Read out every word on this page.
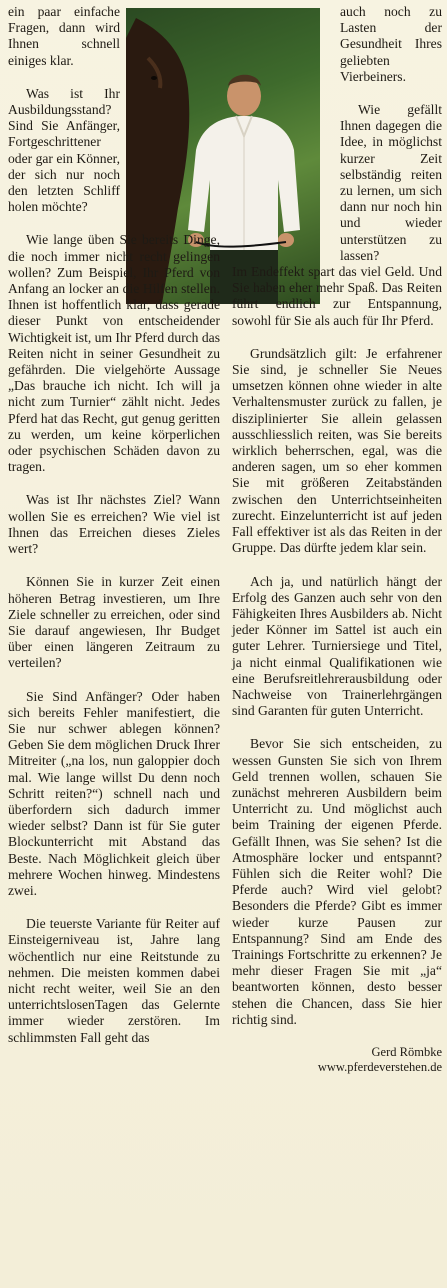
ein paar einfache Fragen, dann wird Ihnen schnell einiges klar.

Was ist Ihr Ausbildungsstand? Sind Sie Anfänger, Fortgeschrittener oder gar ein Könner, der sich nur noch den letzten Schliff holen möchte?

Wie lange üben Sie bereits Dinge, die noch immer nicht recht gelingen wollen? Zum Beispiel, Ihr Pferd von Anfang an locker an die Hilfen stellen. Ihnen ist hoffentlich klar, dass gerade dieser Punkt von entscheidender Wichtigkeit ist, um Ihr Pferd durch das Reiten nicht in seiner Gesundheit zu gefährden. Die vielgehörte Aussage „Das brauche ich nicht. Ich will ja nicht zum Turnier“ zählt nicht. Jedes Pferd hat das Recht, gut genug geritten zu werden, um keine körperlichen oder psychischen Schäden davon zu tragen.

Was ist Ihr nächstes Ziel? Wann wollen Sie es erreichen? Wie viel ist Ihnen das Erreichen dieses Zieles wert?

Können Sie in kurzer Zeit einen höheren Betrag investieren, um Ihre Ziele schneller zu erreichen, oder sind Sie darauf angewiesen, Ihr Budget über einen längeren Zeitraum zu verteilen?

Sie Sind Anfänger? Oder haben sich bereits Fehler manifestiert, die Sie nur schwer ablegen können? Geben Sie dem möglichen Druck Ihrer Mitreiter („na los, nun galoppier doch mal. Wie lange willst Du denn noch Schritt reiten?“) schnell nach und überfordern sich dadurch immer wieder selbst? Dann ist für Sie guter Blockunterricht mit Abstand das Beste. Nach Möglichkeit gleich über mehrere Wochen hinweg. Mindestens zwei.

Die teuerste Variante für Reiter auf Einsteigerniveau ist, Jahre lang wöchentlich nur eine Reitstunde zu nehmen. Die meisten kommen dabei nicht recht weiter, weil Sie an den unterrichtslosenTagen das Gelernte immer wieder zerstören. Im schlimmsten Fall geht das

auch noch zu Lasten der Gesundheit Ihres geliebten Vierbeiners.

Wie gefällt Ihnen dagegen die Idee, in möglichst kurzer Zeit selbständig reiten zu lernen, um sich dann nur noch hin und wieder unterstützen zu lassen?

Im Endeffekt spart das viel Geld. Und Sie haben eher mehr Spaß. Das Reiten führt endlich zur Entspannung, sowohl für Sie als auch für Ihr Pferd.

Grundsätzlich gilt: Je erfahrener Sie sind, je schneller Sie Neues umsetzen können ohne wieder in alte Verhaltensmuster zurück zu fallen, je disziplinierter Sie allein gelassen ausschliesslich reiten, was Sie bereits wirklich beherrschen, egal, was die anderen sagen, um so eher kommen Sie mit größeren Zeitabständen zwischen den Unterrichtseinheiten zurecht. Einzelunterricht ist auf jeden Fall effektiver ist als das Reiten in der Gruppe. Das dürfte jedem klar sein.

Ach ja, und natürlich hängt der Erfolg des Ganzen auch sehr von den Fähigkeiten Ihres Ausbilders ab. Nicht jeder Könner im Sattel ist auch ein guter Lehrer. Turniersiege und Titel, ja nicht einmal Qualifikationen wie eine Berufsreitlehrerausbildung oder Nachweise von Trainerlehrgängen sind Garanten für guten Unterricht.

Bevor Sie sich entscheiden, zu wessen Gunsten Sie sich von Ihrem Geld trennen wollen, schauen Sie zunächst mehreren Ausbildern beim Unterricht zu. Und möglichst auch beim Training der eigenen Pferde. Gefällt Ihnen, was Sie sehen? Ist die Atmosphäre locker und entspannt? Fühlen sich die Reiter wohl? Die Pferde auch? Wird viel gelobt? Besonders die Pferde? Gibt es immer wieder kurze Pausen zur Entspannung? Sind am Ende des Trainings Fortschritte zu erkennen? Je mehr dieser Fragen Sie mit „ja“ beantworten können, desto besser stehen die Chancen, dass Sie hier richtig sind.

Gerd Römbke

www.pferdeverstehen.de
